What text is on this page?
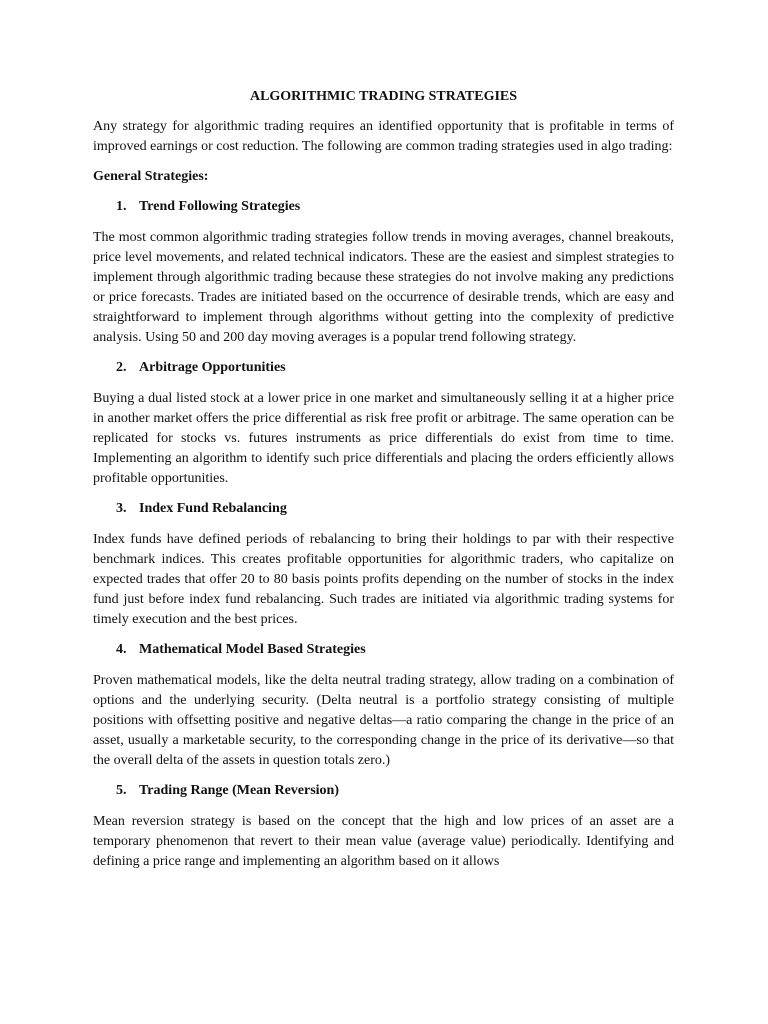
ALGORITHMIC TRADING STRATEGIES

Any strategy for algorithmic trading requires an identified opportunity that is profitable in terms of improved earnings or cost reduction. The following are common trading strategies used in algo trading:

General Strategies:
1. Trend Following Strategies

The most common algorithmic trading strategies follow trends in moving averages, channel breakouts, price level movements, and related technical indicators. These are the easiest and simplest strategies to implement through algorithmic trading because these strategies do not involve making any predictions or price forecasts. Trades are initiated based on the occurrence of desirable trends, which are easy and straightforward to implement through algorithms without getting into the complexity of predictive analysis. Using 50 and 200 day moving averages is a popular trend following strategy.

2. Arbitrage Opportunities

Buying a dual listed stock at a lower price in one market and simultaneously selling it at a higher price in another market offers the price differential as risk free profit or arbitrage. The same operation can be replicated for stocks vs. futures instruments as price differentials do exist from time to time. Implementing an algorithm to identify such price differentials and placing the orders efficiently allows profitable opportunities.

3. Index Fund Rebalancing

Index funds have defined periods of rebalancing to bring their holdings to par with their respective benchmark indices. This creates profitable opportunities for algorithmic traders, who capitalize on expected trades that offer 20 to 80 basis points profits depending on the number of stocks in the index fund just before index fund rebalancing. Such trades are initiated via algorithmic trading systems for timely execution and the best prices.

4. Mathematical Model Based Strategies

Proven mathematical models, like the delta neutral trading strategy, allow trading on a combination of options and the underlying security. (Delta neutral is a portfolio strategy consisting of multiple positions with offsetting positive and negative deltas—a ratio comparing the change in the price of an asset, usually a marketable security, to the corresponding change in the price of its derivative—so that the overall delta of the assets in question totals zero.)

5. Trading Range (Mean Reversion)

Mean reversion strategy is based on the concept that the high and low prices of an asset are a temporary phenomenon that revert to their mean value (average value) periodically. Identifying and defining a price range and implementing an algorithm based on it allows
